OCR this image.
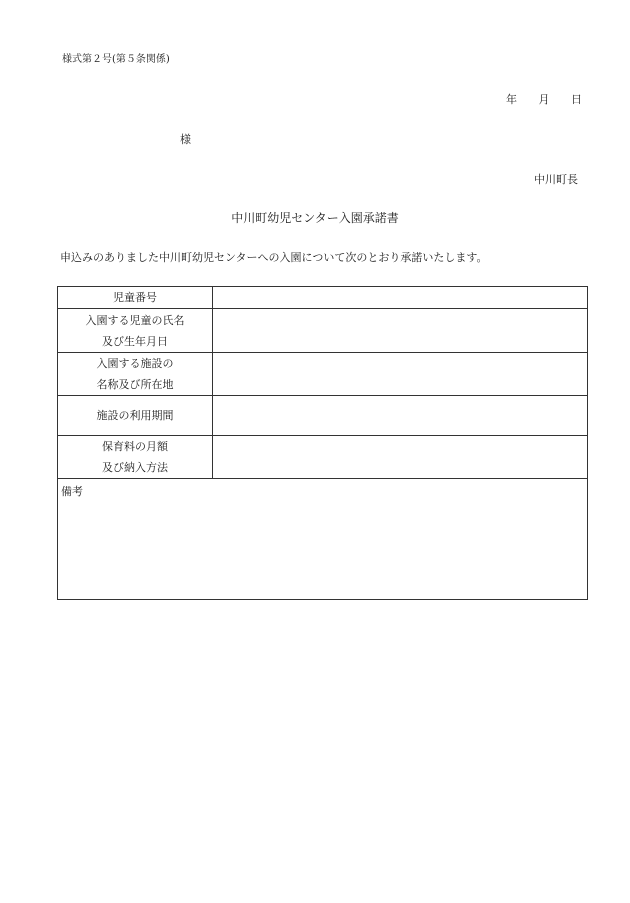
様式第２号(第５条関係)
年 月 日
様
中川町長
中川町幼児センター入園承諾書
申込みのありました中川町幼児センターへの入園について次のとおり承諾いたします。
児童番号	

入園する児童の氏名
及び生年月日	

入園する施設の
名称及び所在地	

施設の利用期間	

保育料の月額
及び納入方法	

備考	
